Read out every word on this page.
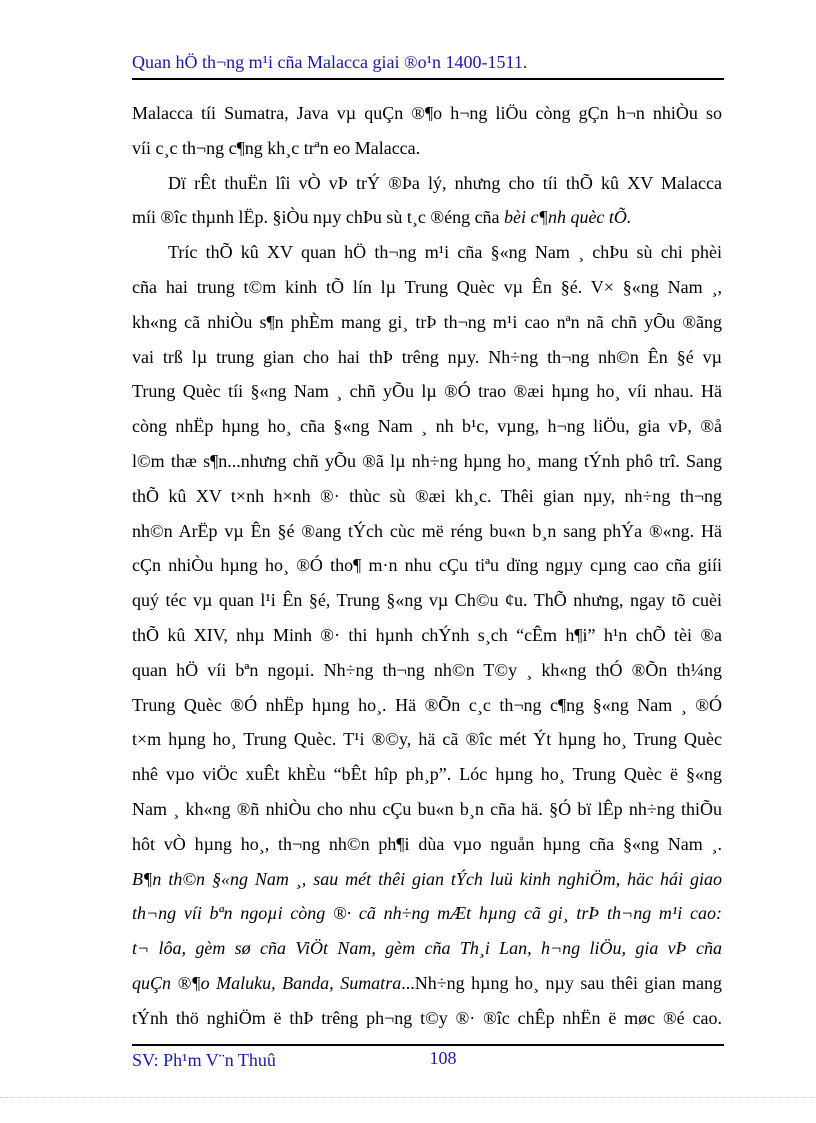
Quan hÖ th¬ng m¹i cña Malacca giai ®o¹n 1400-1511.
Malacca tíi Sumatra, Java vµ quÇn ®¶o h¬ng liÖu còng gÇn h¬n nhiÒu so
víi c¸c th¬ng c¶ng kh¸c trªn eo Malacca.
Dï rÊt thuËn lîi vÒ vÞ trÝ ®Þa lý, nhưng cho tíi thÕ kû XV Malacca
míi ®îc thµnh lËp. §iÒu nµy chÞu sù t¸c ®éng cña bèi c¶nh quèc tÕ.
Tríc thÕ kû XV quan hÖ th¬ng m¹i cña §«ng Nam ¸ chÞu sù chi phèi
cña hai trung t©m kinh tÕ lín lµ Trung Quèc vµ Ên §é. V× §«ng Nam ¸,
kh«ng cã nhiÒu s¶n phÈm mang gi¸ trÞ th¬ng m¹i cao nªn nã chñ yÕu ®ãng
vai trß lµ trung gian cho hai thÞ trêng nµy. Nh÷ng th¬ng nh©n Ên §é vµ
Trung Quèc tíi §«ng Nam ¸ chñ yÕu lµ ®Ó trao ®æi hµng ho¸ víi nhau. Hä
còng nhËp hµng ho¸ cña §«ng Nam ¸ nh b¹c, vµng, h¬ng liÖu, gia vÞ, ®å
l©m thæ s¶n...nhưng chñ yÕu ®ã lµ nh÷ng hµng ho¸ mang tÝnh phô trî. Sang
thÕ kû XV t×nh h×nh ®· thùc sù ®æi kh¸c. Thêi gian nµy, nh÷ng th¬ng
nh©n ArËp vµ Ên §é ®ang tÝch cùc më réng bu«n b¸n sang phÝa ®«ng. Hä
cÇn nhiÒu hµng ho¸ ®Ó tho¶ m·n nhu cÇu tiªu dïng ngµy cµng cao cña giíi
quý téc vµ quan l¹i Ên §é, Trung §«ng vµ Ch©u ¢u. ThÕ nhưng, ngay tõ cuèi
thÕ kû XIV, nhµ Minh ®· thi hµnh chÝnh s¸ch “cÊm h¶i” h¹n chÕ tèi ®a
quan hÖ víi bªn ngoµi. Nh÷ng th¬ng nh©n T©y ¸ kh«ng thÓ ®Õn th¼ng
Trung Quèc ®Ó nhËp hµng ho¸. Hä ®Õn c¸c th¬ng c¶ng §«ng Nam ¸ ®Ó
t×m hµng ho¸ Trung Quèc. T¹i ®©y, hä cã ®îc mét Ýt hµng ho¸ Trung Quèc
nhê vµo viÖc xuÊt khÈu “bÊt hîp ph¸p”. Lóc hµng ho¸ Trung Quèc ë §«ng
Nam ¸ kh«ng ®ñ nhiÒu cho nhu cÇu bu«n b¸n cña hä. §Ó bï lÊp nh÷ng thiÕu
hôt vÒ hµng ho¸, th¬ng nh©n ph¶i dùa vµo nguån hµng cña §«ng Nam ¸.
B¶n th©n §«ng Nam ¸, sau mét thêi gian tÝch luü kinh nghiÖm, häc hái giao
th¬ng víi bªn ngoµi còng ®· cã nh÷ng mÆt hµng cã gi¸ trÞ th¬ng m¹i cao:
t¬ lôa, gèm sø cña ViÖt Nam, gèm cña Th¸i Lan, h¬ng liÖu, gia vÞ cña
quÇn ®¶o Maluku, Banda, Sumatra...Nh÷ng hµng ho¸ nµy sau thêi gian mang
tÝnh thö nghiÖm ë thÞ trêng ph¬ng t©y ®· ®îc chÊp nhËn ë møc ®é cao.
SV: Ph¹m V¨n Thuû	108
